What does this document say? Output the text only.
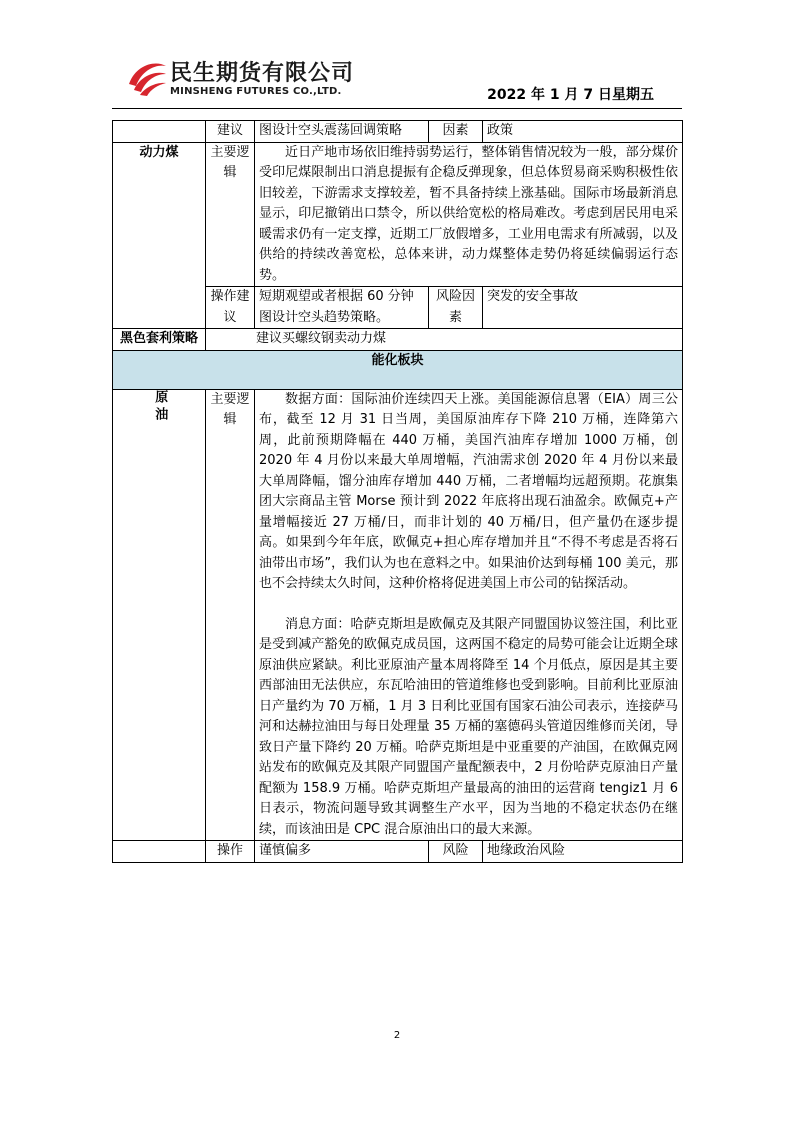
民生期货有限公司
MINSHENG FUTURES CO.,LTD.	2022 年 1 月 7 日星期五
	建议	图设计空头震荡回调策略	因素	政策
动力煤	主要逻辑	近日产地市场依旧维持弱势运行，整体销售情况较为一般，部分煤价受印尼煤限制出口消息提振有企稳反弹现象，但总体贸易商采购积极性依旧较差，下游需求支撑较差，暂不具备持续上涨基础。国际市场最新消息显示，印尼撤销出口禁令，所以供给宽松的格局难改。考虑到居民用电采暖需求仍有一定支撑，近期工厂放假增多，工业用电需求有所减弱，以及供给的持续改善宽松，总体来讲，动力煤整体走势仍将延续偏弱运行态势。		

	操作建议	短期观望或者根据 60 分钟图设计空头趋势策略。	风险因素	突发的安全事故
黑色套利策略	建议买螺纹钢卖动力煤			
能化板块				
原油	主要逻辑	数据方面：国际油价连续四天上涨。美国能源信息署（EIA）周三公布，截至 12 月 31 日当周，美国原油库存下降 210 万桶，连降第六周，此前预期降幅在 440 万桶，美国汽油库存增加 1000 万桶，创 2020 年 4 月份以来最大单周增幅，汽油需求创 2020 年 4 月份以来最大单周降幅，馏分油库存增加 440 万桶，二者增幅均远超预期。花旗集团大宗商品主管 Morse 预计到 2022 年底将出现石油盈余。欧佩克+产量增幅接近 27 万桶/日，而非计划的 40 万桶/日，但产量仍在逐步提高。如果到今年年底，欧佩克+担心库存增加并且“不得不考虑是否将石油带出市场”，我们认为也在意料之中。如果油价达到每桶 100 美元，那也不会持续太久时间，这种价格将促进美国上市公司的钻探活动。
消息方面：哈萨克斯坦是欧佩克及其限产同盟国协议签注国，利比亚是受到减产豁免的欧佩克成员国，这两国不稳定的局势可能会让近期全球原油供应紧缺。利比亚原油产量本周将降至 14 个月低点，原因是其主要西部油田无法供应，东瓦哈油田的管道维修也受到影响。目前利比亚原油日产量约为 70 万桶，1 月 3 日利比亚国有国家石油公司表示，连接萨马河和达赫拉油田与每日处理量 35 万桶的塞德码头管道因维修而关闭，导致日产量下降约 20 万桶。哈萨克斯坦是中亚重要的产油国，在欧佩克网站发布的欧佩克及其限产同盟国产量配额表中，2 月份哈萨克原油日产量配额为 158.9 万桶。哈萨克斯坦产量最高的油田的运营商 tengiz1 月 6 日表示，物流问题导致其调整生产水平，因为当地的不稳定状态仍在继续，而该油田是 CPC 混合原油出口的最大来源。		

	操作	谨慎偏多	风险	地缘政治风险
2
